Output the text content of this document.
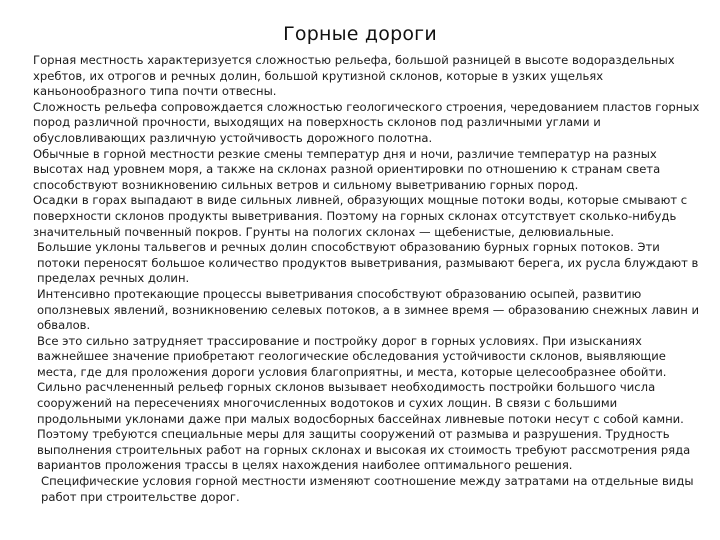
Горные дороги

Горная местность характеризуется сложностью рельефа, большой разницей в высоте водораздельных хребтов, их отрогов и речных долин, большой крутизной склонов, которые в узких ущельях каньонообразного типа почти отвесны.

Сложность рельефа сопровождается сложностью геологического строения, чередованием пластов горных пород различной прочности, выходящих на поверхность склонов под различными углами и обусловливающих различную устойчивость дорожного полотна.

Обычные в горной местности резкие смены температур дня и ночи, различие температур на разных высотах над уровнем моря, а также на склонах разной ориентировки по отношению к странам света способствуют возникновению сильных ветров и сильному выветриванию горных пород.

Осадки в горах выпадают в виде сильных ливней, образующих мощные потоки воды, которые смывают с поверхности склонов продукты выветривания. Поэтому на горных склонах отсутствует сколько-нибудь значительный почвенный покров. Грунты на пологих склонах — щебенистые, делювиальные.

Большие уклоны тальвегов и речных долин способствуют образованию бурных горных потоков. Эти потоки переносят большое количество продуктов выветривания, размывают берега, их русла блуждают в пределах речных долин.

Интенсивно протекающие процессы выветривания способствуют образованию осыпей, развитию оползневых явлений, возникновению селевых потоков, а в зимнее время — образованию снежных лавин и обвалов.

Все это сильно затрудняет трассирование и постройку дорог в горных условиях. При изысканиях важнейшее значение приобретают геологические обследования устойчивости склонов, выявляющие места, где для проложения дороги условия благоприятны, и места, которые целесообразнее обойти.

Сильно расчлененный рельеф горных склонов вызывает необходимость постройки большого числа сооружений на пересечениях многочисленных водотоков и сухих лощин. В связи с большими продольными уклонами даже при малых водосборных бассейнах ливневые потоки несут с собой камни. Поэтому требуются специальные меры для защиты сооружений от размыва и разрушения. Трудность выполнения строительных работ на горных склонах и высокая их стоимость требуют рассмотрения ряда вариантов проложения трассы в целях нахождения наиболее оптимального решения.

Специфические условия горной местности изменяют соотношение между затратами на отдельные виды работ при строительстве дорог.
